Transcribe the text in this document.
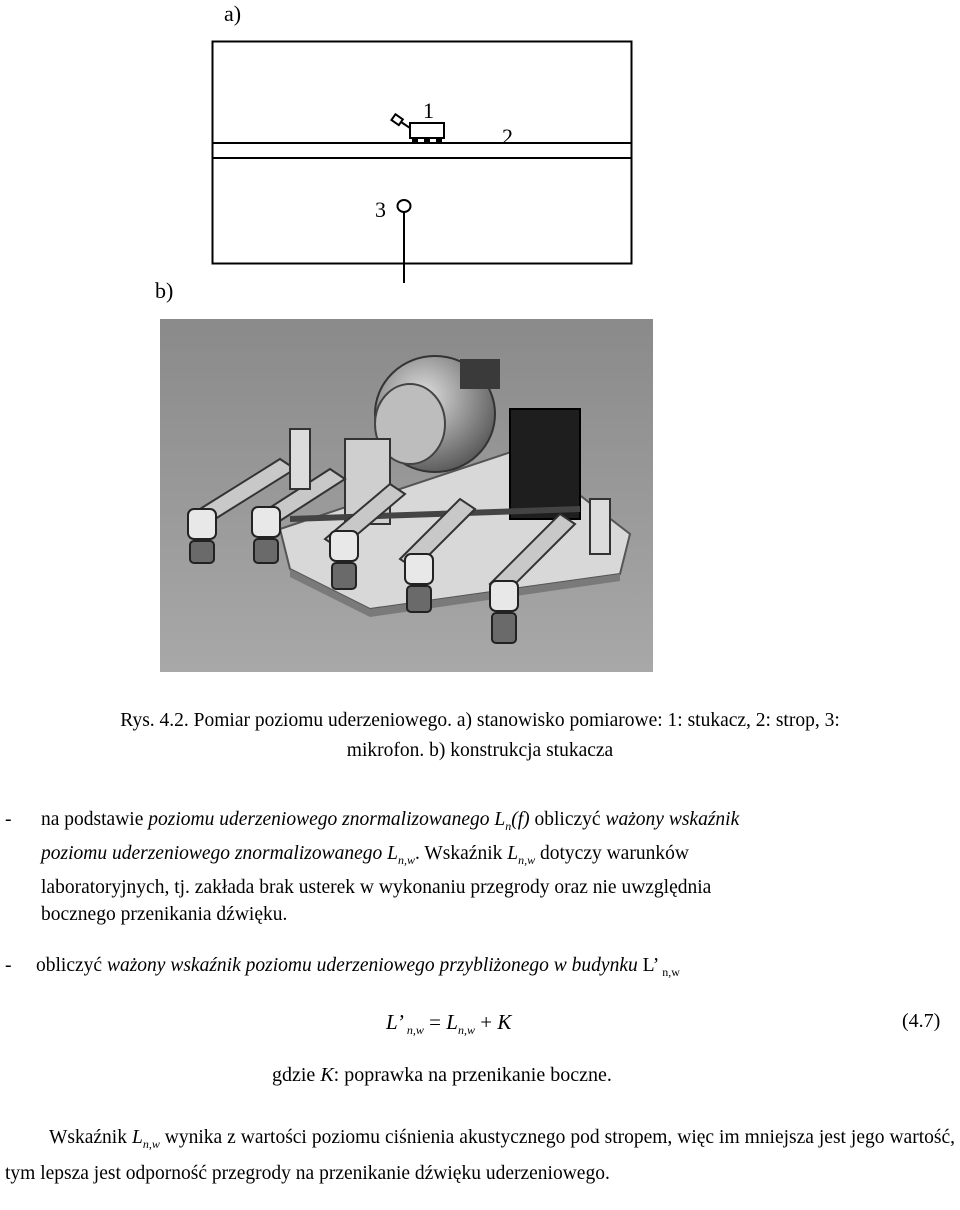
a)
1
2
3
b)
Rys. 4.2. Pomiar poziomu uderzeniowego. a) stanowisko pomiarowe: 1: stukacz, 2: strop, 3:
mikrofon. b) konstrukcja stukacza
- na podstawie poziomu uderzeniowego znormalizowanego $L_n(f)$ obliczyć ważony wskaźnik
poziomu uderzeniowego znormalizowanego $L_{n,w}$. Wskaźnik $L_{n,w}$ dotyczy warunków
laboratoryjnych, tj. zakłada brak usterek w wykonaniu przegrody oraz nie uwzględnia
bocznego przenikania dźwięku.
- obliczyć ważony wskaźnik poziomu uderzeniowego przybliżonego w budynku L’ $_{n,w}$
L’ $_{n,w} = L_{n,w} + K$	(4.7)
gdzie K: poprawka na przenikanie boczne.
Wskaźnik $L_{n,w}$ wynika z wartości poziomu ciśnienia akustycznego pod stropem, więc im mniejsza jest jego wartość, tym lepsza jest odporność przegrody na przenikanie dźwięku uderzeniowego.
